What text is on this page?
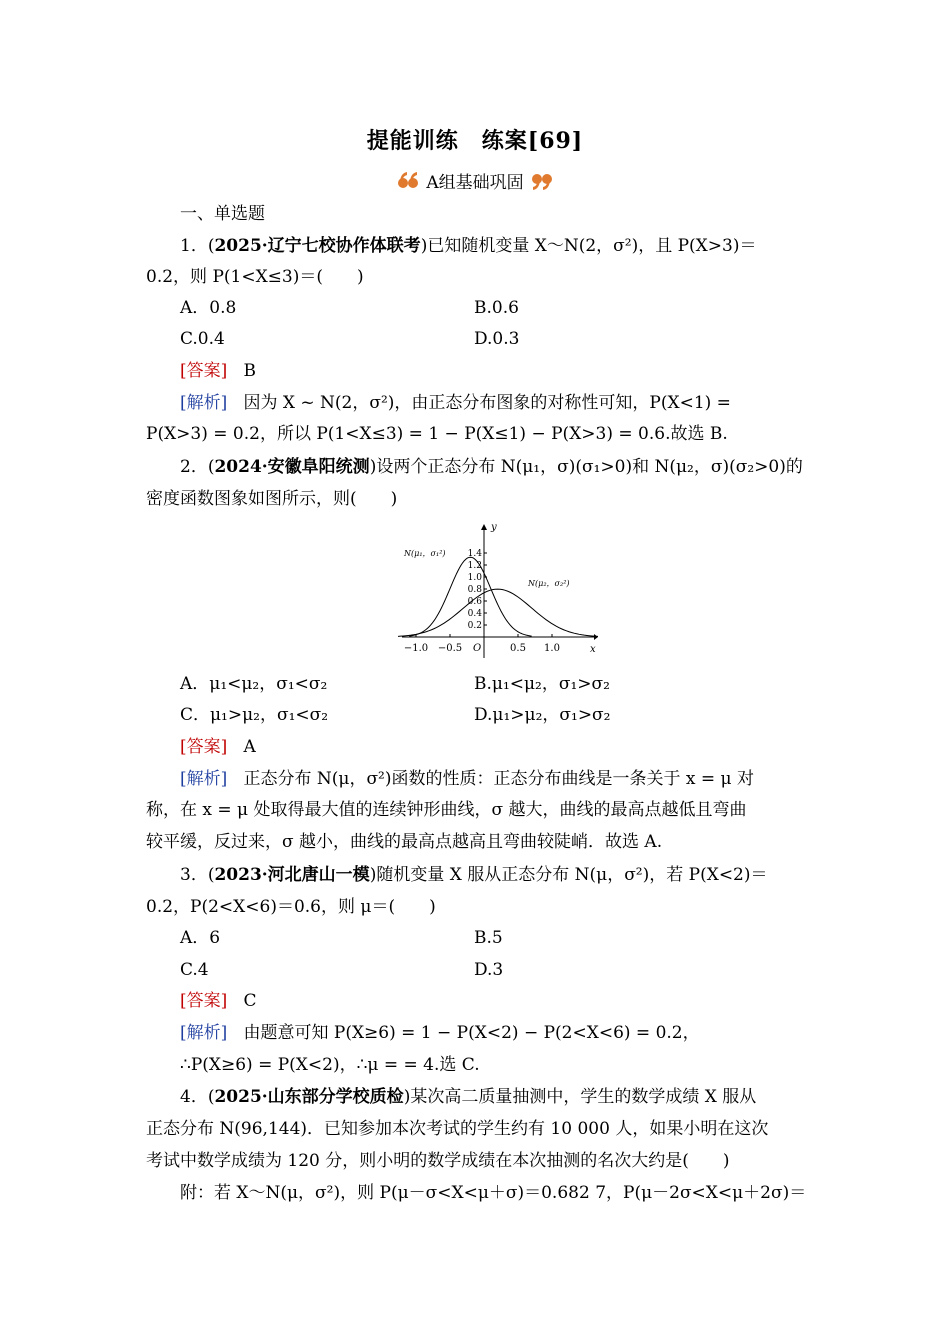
提能训练　练案[69]
A组基础巩固
一、单选题
1．(2025·辽宁七校协作体联考)已知随机变量 X～N(2，σ²)，且 P(X>3)＝
0.2，则 P(1<X≤3)＝(　　)
A．0.8	B.0.6
C.0.4	D.0.3
[答案] B
[解析] 因为 X ~ N(2，σ²)，由正态分布图象的对称性可知，P(X<1) =
P(X>3) = 0.2，所以 P(1<X≤3) = 1 − P(X≤1) − P(X>3) = 0.6.故选 B.
2．(2024·安徽阜阳统测)设两个正态分布 N(μ₁，σ)(σ₁>0)和 N(μ₂，σ)(σ₂>0)的
密度函数图象如图所示，则(　　)
x
y
O
−1.0 −0.5	0.5 1.0
0.2
0.4
0.6
0.8
1.0
1.2
1.4
N(μ₁，σ₁²)
N(μ₂，σ₂²)
A．μ₁<μ₂，σ₁<σ₂	B.μ₁<μ₂，σ₁>σ₂
C．μ₁>μ₂，σ₁<σ₂	D.μ₁>μ₂，σ₁>σ₂
[答案] A
[解析] 正态分布 N(μ，σ²)函数的性质：正态分布曲线是一条关于 x = μ 对
称，在 x = μ 处取得最大值的连续钟形曲线，σ 越大，曲线的最高点越低且弯曲
较平缓，反过来，σ 越小，曲线的最高点越高且弯曲较陡峭．故选 A.
3．(2023·河北唐山一模)随机变量 X 服从正态分布 N(μ，σ²)，若 P(X<2)＝
0.2，P(2<X<6)＝0.6，则 μ＝(　　)
A．6	B.5
C.4	D.3
[答案] C
[解析] 由题意可知 P(X≥6) = 1 − P(X<2) − P(2<X<6) = 0.2，
∴P(X≥6) = P(X<2)，∴μ = = 4.选 C.
4．(2025·山东部分学校质检)某次高二质量抽测中，学生的数学成绩 X 服从
正态分布 N(96,144)．已知参加本次考试的学生约有 10 000 人，如果小明在这次
考试中数学成绩为 120 分，则小明的数学成绩在本次抽测的名次大约是(　　)
附：若 X～N(μ，σ²)，则 P(μ－σ<X<μ＋σ)＝0.682 7，P(μ－2σ<X<μ＋2σ)＝
